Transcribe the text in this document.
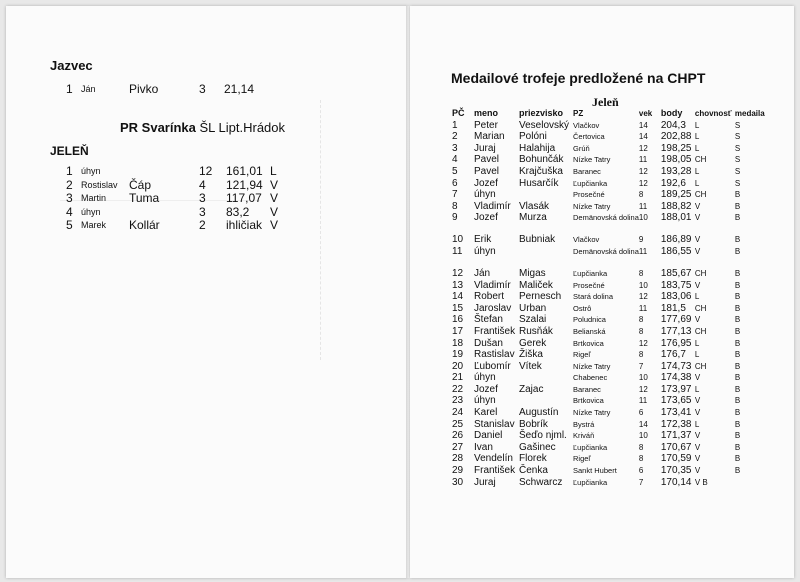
Jazvec
1 Ján	Pivko	3 21,14
PR Svarínka ŠL Lipt.Hrádok
JELEŇ
1 úhyn	12 161,01 L
2 Rostislav Čáp	4 121,94 V
3 Martin Tuma	3 117,07 V
4 úhyn	3 83,2 V
5 Marek Kollár	2 ihličiak V
Medailové trofeje predložené na CHPT
Jeleň
PČ	meno	priezvisko	PZ	vek	body	chovnosť	medaila
1	Peter	Veselovský	Vlačkov	14	204,3	L	S
2	Marian	Polóni	Čertovica	14	202,88	L	S
3	Juraj	Halahija	Grúň	12	198,25	L	S
4	Pavel	Bohunčák	Nízke Tatry	11	198,05	CH	S
5	Pavel	Krajčuška	Baranec	12	193,28	L	S
6	Jozef	Husarčík	Ľupčianka	12	192,6	L	S
7	úhyn		Prosečné	8	189,25	CH	B
8	Vladimír	Vlasák	Nízke Tatry	11	188,82	V	B
9	Jozef	Murza	Demänovská dolina	10	188,01	V	B
10	Erik	Bubniak	Vlačkov	9	186,89	V	B
11	úhyn		Demänovská dolina	11	186,55	V	B
12	Ján	Migas	Ľupčianka	8	185,67	CH	B
13	Vladimír	Maliček	Prosečné	10	183,75	V	B
14	Robert	Pernesch	Stará dolina	12	183,06	L	B
15	Jaroslav	Urban	Ostrô	11	181,5	CH	B
16	Štefan	Szalai	Poludnica	8	177,69	V	B
17	František	Rusňák	Belianská	8	177,13	CH	B
18	Dušan	Gerek	Brtkovica	12	176,95	L	B
19	Rastislav	Žiška	Rigeľ	8	176,7	L	B
20	Ľubomír	Vítek	Nízke Tatry	7	174,73	CH	B
21	úhyn		Chabenec	10	174,38	V	B
22	Jozef	Zajac	Baranec	12	173,97	L	B
23	úhyn		Brtkovica	11	173,65	V	B
24	Karel	Augustín	Nízke Tatry	6	173,41	V	B
25	Stanislav	Bobrík	Bystrá	14	172,38	L	B
26	Daniel	Šeďo njml.	Kriváň	10	171,37	V	B
27	Ivan	Gašinec	Ľupčianka	8	170,67	V	B
28	Vendelín	Florek	Rigeľ	8	170,59	V	B
29	František	Čenka	Sankt Hubert	6	170,35	V	B
30	Juraj	Schwarcz	Ľupčianka	7	170,14	V B	
